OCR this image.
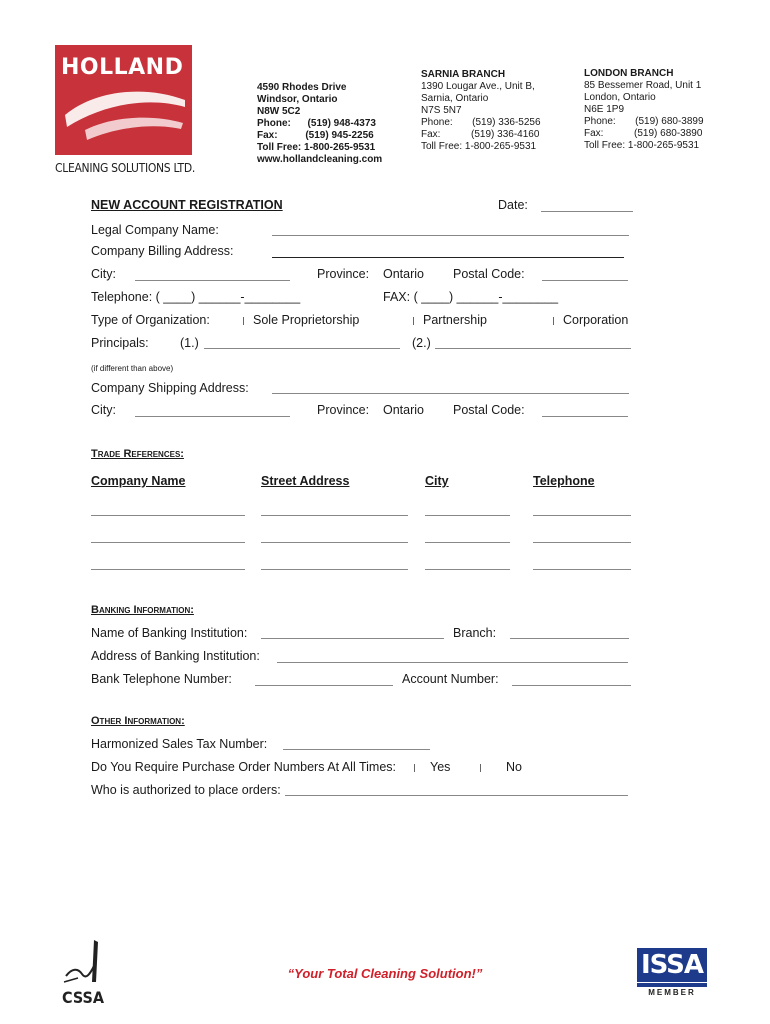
HOLLAND
CLEANING SOLUTIONS LTD.
4590 Rhodes Drive
Windsor, Ontario
N8W 5C2
Phone:      (519) 948-4373
Fax:          (519) 945-2256
Toll Free: 1-800-265-9531
www.hollandcleaning.com
SARNIA BRANCH
1390 Lougar Ave., Unit B,
Sarnia, Ontario
N7S 5N7
Phone:       (519) 336-5256
Fax:           (519) 336-4160
Toll Free: 1-800-265-9531
LONDON BRANCH
85 Bessemer Road, Unit 1
London, Ontario
N6E 1P9
Phone:       (519) 680-3899
Fax:           (519) 680-3890
Toll Free: 1-800-265-9531
NEW ACCOUNT REGISTRATION	Date:
Legal Company Name:
Company Billing Address:
City:	Province: Ontario Postal Code:
Telephone: ( ____) ______-________	FAX: ( ____) ______-________
Type of Organization:	Sole Proprietorship	Partnership	Corporation
Principals:	(1.)	(2.)
(if different than above)
Company Shipping Address:
City:	Province: Ontario Postal Code:
Trade References:
Company Name	Street Address	City	Telephone
Banking Information:
Name of Banking Institution:	Branch:
Address of Banking Institution:
Bank Telephone Number:	Account Number:
Other Information:
Harmonized Sales Tax Number:
Do You Require Purchase Order Numbers At All Times:	Yes	No
Who is authorized to place orders:
CSSA
“Your Total Cleaning Solution!”	ISSA
MEMBER
